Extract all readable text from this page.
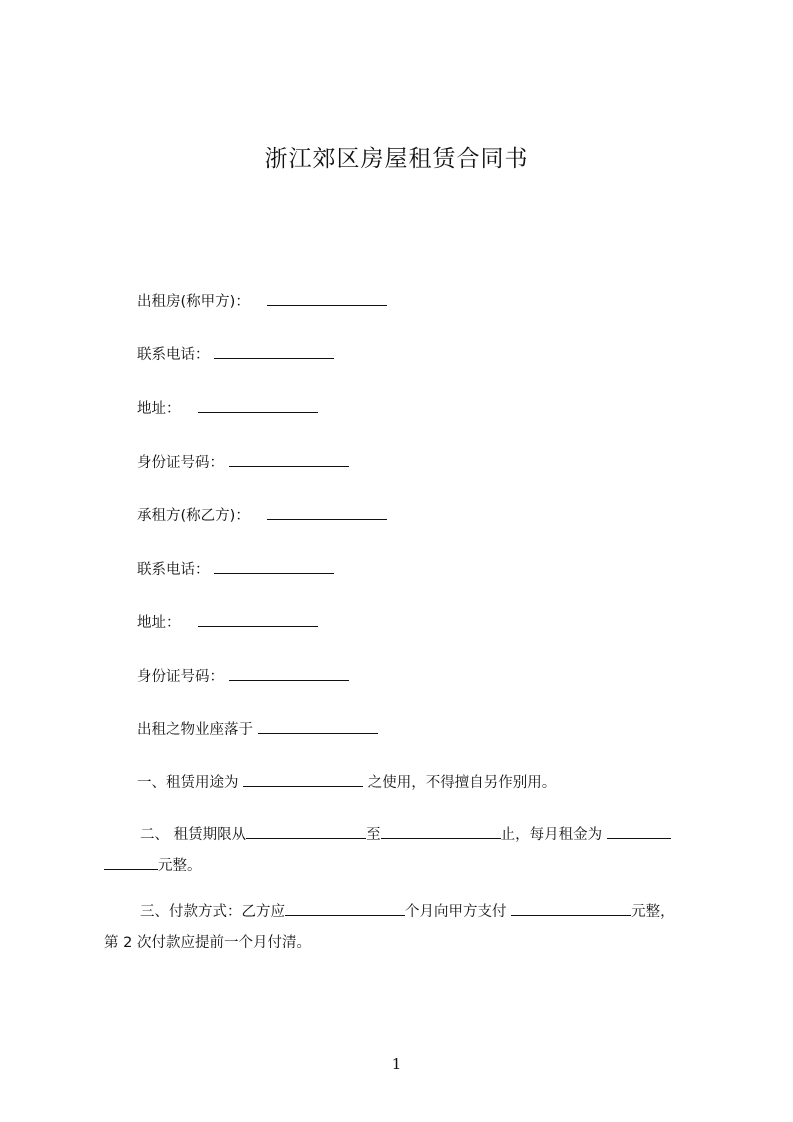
浙江郊区房屋租赁合同书
出租房(称甲方)：
联系电话：
地址：
身份证号码：
承租方(称乙方)：
联系电话：
地址：
身份证号码：
出租之物业座落于
一、租赁用途为	之使用，不得擅自另作别用。
二、 租赁期限从	至	止，每月租金为
元整。
三、付款方式：乙方应	个月向甲方支付	元整，
第 2 次付款应提前一个月付清。
1
